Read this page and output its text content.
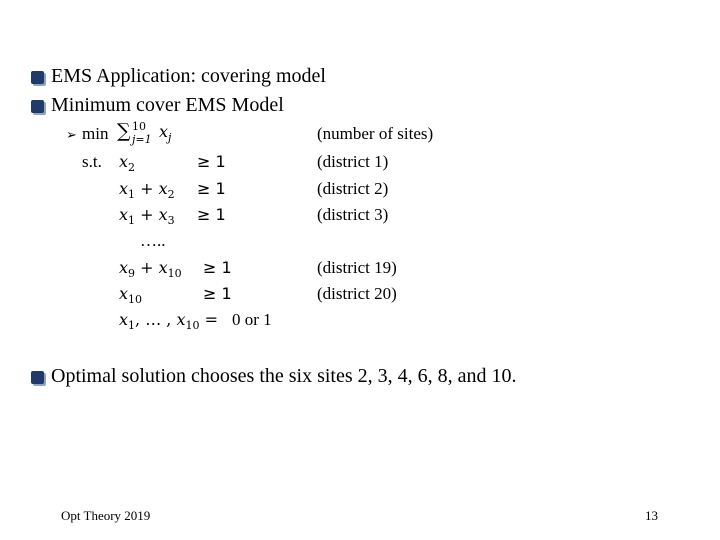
EMS Application: covering model
Minimum cover EMS Model
➢ min ∑ 10
j=1 $x_j$	(number of sites)
s.t. $x_2$	≥ 1	(district 1)
$x_1 + x_2 \ge 1$	(district 2)
$x_1 + x_3 \ge 1$	(district 3)
…..
$x_9 + x_{10} \ge 1$	(district 19)
$x_{10}$	≥ 1	(district 20)
$x_1$, … , $x_{10} = 0$ or 1
Optimal solution chooses the six sites 2, 3, 4, 6, 8, and 10.
Opt Theory 2019	13
